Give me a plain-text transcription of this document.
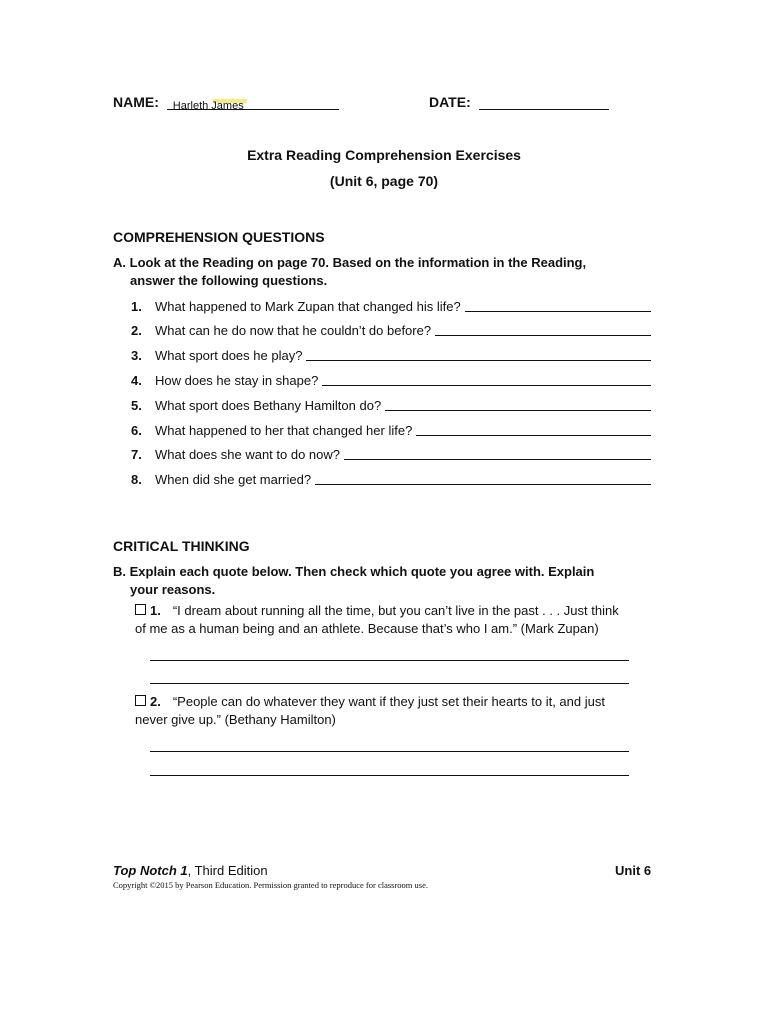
NAME: Harleth James	DATE:
Extra Reading Comprehension Exercises
(Unit 6, page 70)
COMPREHENSION QUESTIONS
A. Look at the Reading on page 70. Based on the information in the Reading,
answer the following questions.
1.	What happened to Mark Zupan that changed his life?
2.	What can he do now that he couldn’t do before?
3.	What sport does he play?
4.	How does he stay in shape?
5.	What sport does Bethany Hamilton do?
6.	What happened to her that changed her life?
7.	What does she want to do now?
8.	When did she get married?
CRITICAL THINKING
B. Explain each quote below. Then check which quote you agree with. Explain
your reasons.
1. “I dream about running all the time, but you can’t live in the past . . . Just think
of me as a human being and an athlete. Because that’s who I am.” (Mark Zupan)
2. “People can do whatever they want if they just set their hearts to it, and just
never give up.” (Bethany Hamilton)
Top Notch 1, Third Edition	Unit 6
Copyright ©2015 by Pearson Education. Permission granted to reproduce for classroom use.
